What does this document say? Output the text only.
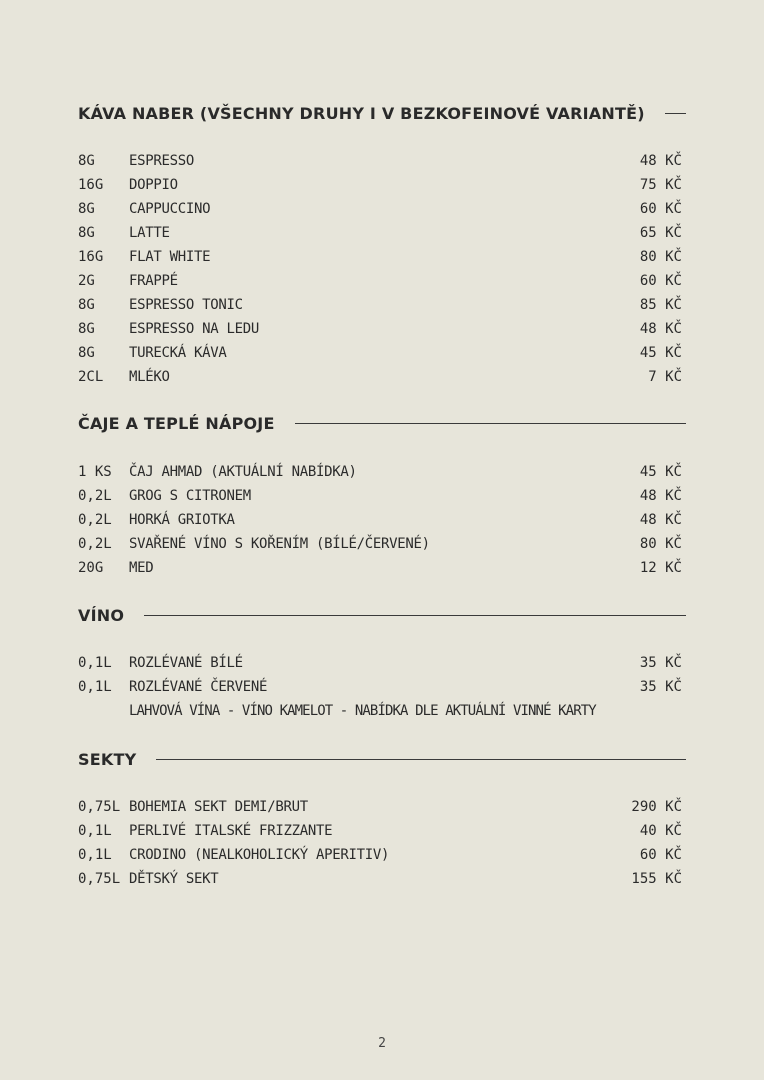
KÁVA NABER (VŠECHNY DRUHY I V BEZKOFEINOVÉ VARIANTĚ)
8G	ESPRESSO	48 KČ
16G	DOPPIO	75 KČ
8G	CAPPUCCINO	60 KČ
8G	LATTE	65 KČ
16G	FLAT WHITE	80 KČ
2G	FRAPPÉ	60 KČ
8G	ESPRESSO TONIC	85 KČ
8G	ESPRESSO NA LEDU	48 KČ
8G	TURECKÁ KÁVA	45 KČ
2CL	MLÉKO	7 KČ
ČAJE A TEPLÉ NÁPOJE
1 KS	ČAJ AHMAD (AKTUÁLNÍ NABÍDKA)	45 KČ
0,2L	GROG S CITRONEM	48 KČ
0,2L	HORKÁ GRIOTKA	48 KČ
0,2L	SVAŘENÉ VÍNO S KOŘENÍM (BÍLÉ/ČERVENÉ)	80 KČ
20G	MED	12 KČ
VÍNO
0,1L	ROZLÉVANÉ BÍLÉ	35 KČ
0,1L	ROZLÉVANÉ ČERVENÉ	35 KČ
LAHVOVÁ VÍNA - VÍNO KAMELOT - NABÍDKA DLE AKTUÁLNÍ VINNÉ KARTY
SEKTY
0,75L BOHEMIA SEKT DEMI/BRUT	290 KČ
0,1L	PERLIVÉ ITALSKÉ FRIZZANTE	40 KČ
0,1L	CRODINO (NEALKOHOLICKÝ APERITIV)	60 KČ
0,75L DĚTSKÝ SEKT	155 KČ
2
